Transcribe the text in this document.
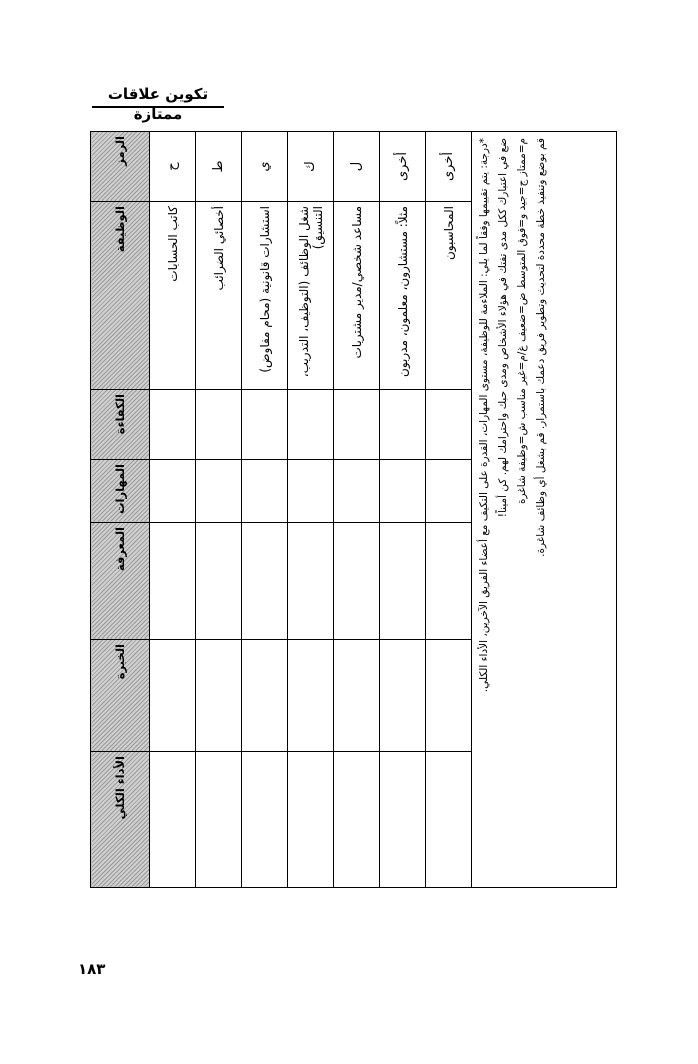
تكوين علاقات ممتازة
الرمز	الوظيفة	الكفاءة	المهارات	المعرفة	الخبرة	الأداء الكلي
ح	كاتب الحسابات					
ط	أخصائي الضرائب					
ي	استشارات قانونية (محام مفاوض)					
ك	شغل الوظائف (التوظيف، التدريب، التنسيق)					
ل	مساعد شخصي/مدير مشتريات					
أخرى	مثلاً: مستشارون، معلمون، مدربون					
أخرى	المحاسبون					

*درجة: يتم تقييمها وفقاً لما يلي: الملاءمة للوظيفة، مستوى المهارات، القدرة على التكيف مع أعضاء الفريق الآخرين، الأداء الكلي. ضع في اعتبارك ككل مدى تفتك في هؤلاء الأشخاص ومدى حبك واحترامك لهم. كن أميناً! م=ممتاز ج=جيد و=فوق المتوسط ض=ضعيف غ/م=غير مناسب ش=وظيفة شاغرة قم بوضع وتنفيذ خطة محددة لتحديث وتطوير فريق دعمك باستمرار. قم بشغل أي وظائف شاغرة.						

١٨٣
